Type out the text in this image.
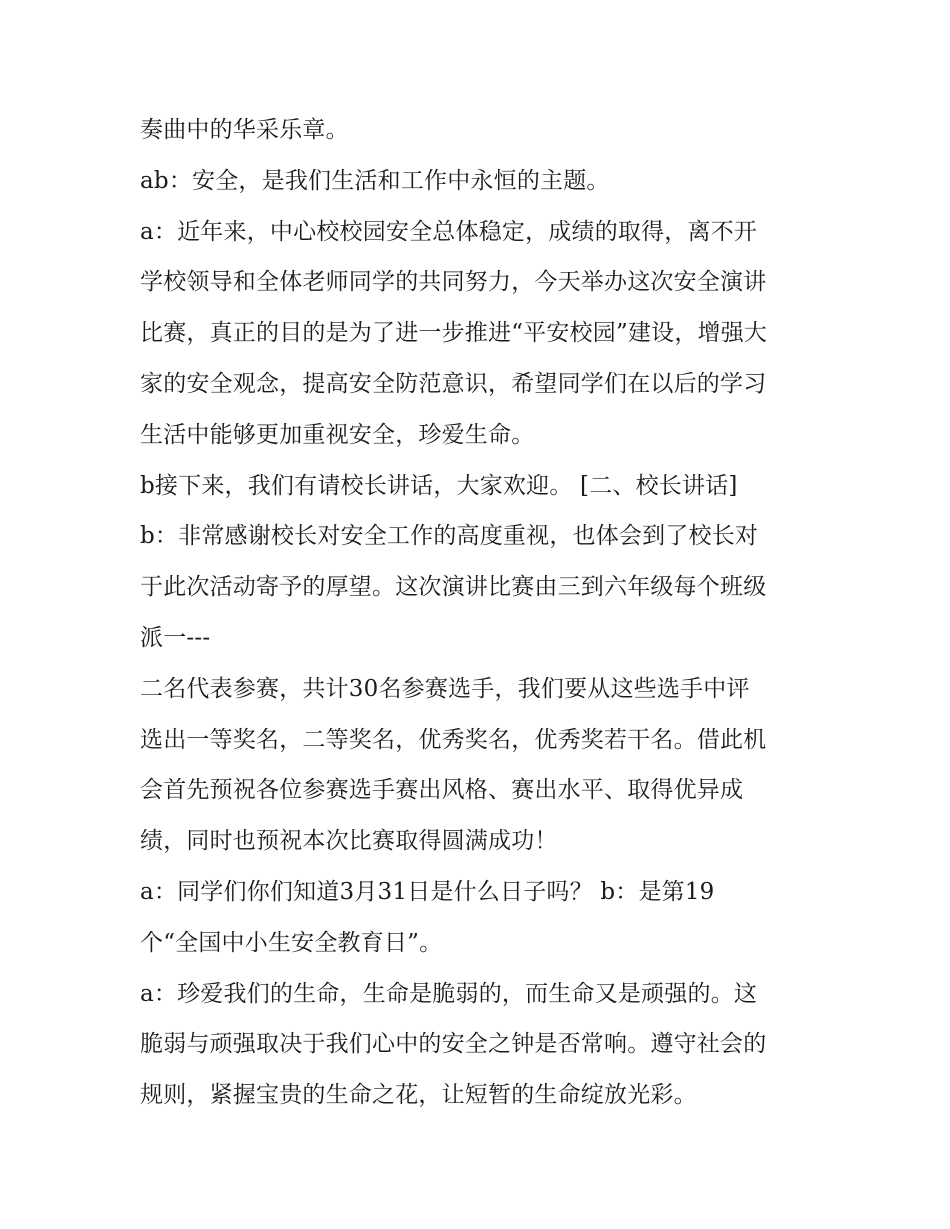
奏曲中的华采乐章。
ab：安全，是我们生活和工作中永恒的主题。
a：近年来，中心校校园安全总体稳定，成绩的取得，离不开
学校领导和全体老师同学的共同努力，今天举办这次安全演讲
比赛，真正的目的是为了进一步推进“平安校园”建设，增强大
家的安全观念，提高安全防范意识，希望同学们在以后的学习
生活中能够更加重视安全，珍爱生命。
b接下来，我们有请校长讲话，大家欢迎。 [二、校长讲话]
b：非常感谢校长对安全工作的高度重视，也体会到了校长对
于此次活动寄予的厚望。这次演讲比赛由三到六年级每个班级
派一---
二名代表参赛，共计30名参赛选手，我们要从这些选手中评
选出一等奖名，二等奖名，优秀奖名，优秀奖若干名。借此机
会首先预祝各位参赛选手赛出风格、赛出水平、取得优异成
绩，同时也预祝本次比赛取得圆满成功！
a：同学们你们知道3月31日是什么日子吗？ b：是第19
个“全国中小生安全教育日”。
a：珍爱我们的生命，生命是脆弱的，而生命又是顽强的。这
脆弱与顽强取决于我们心中的安全之钟是否常响。遵守社会的
规则，紧握宝贵的生命之花，让短暂的生命绽放光彩。
